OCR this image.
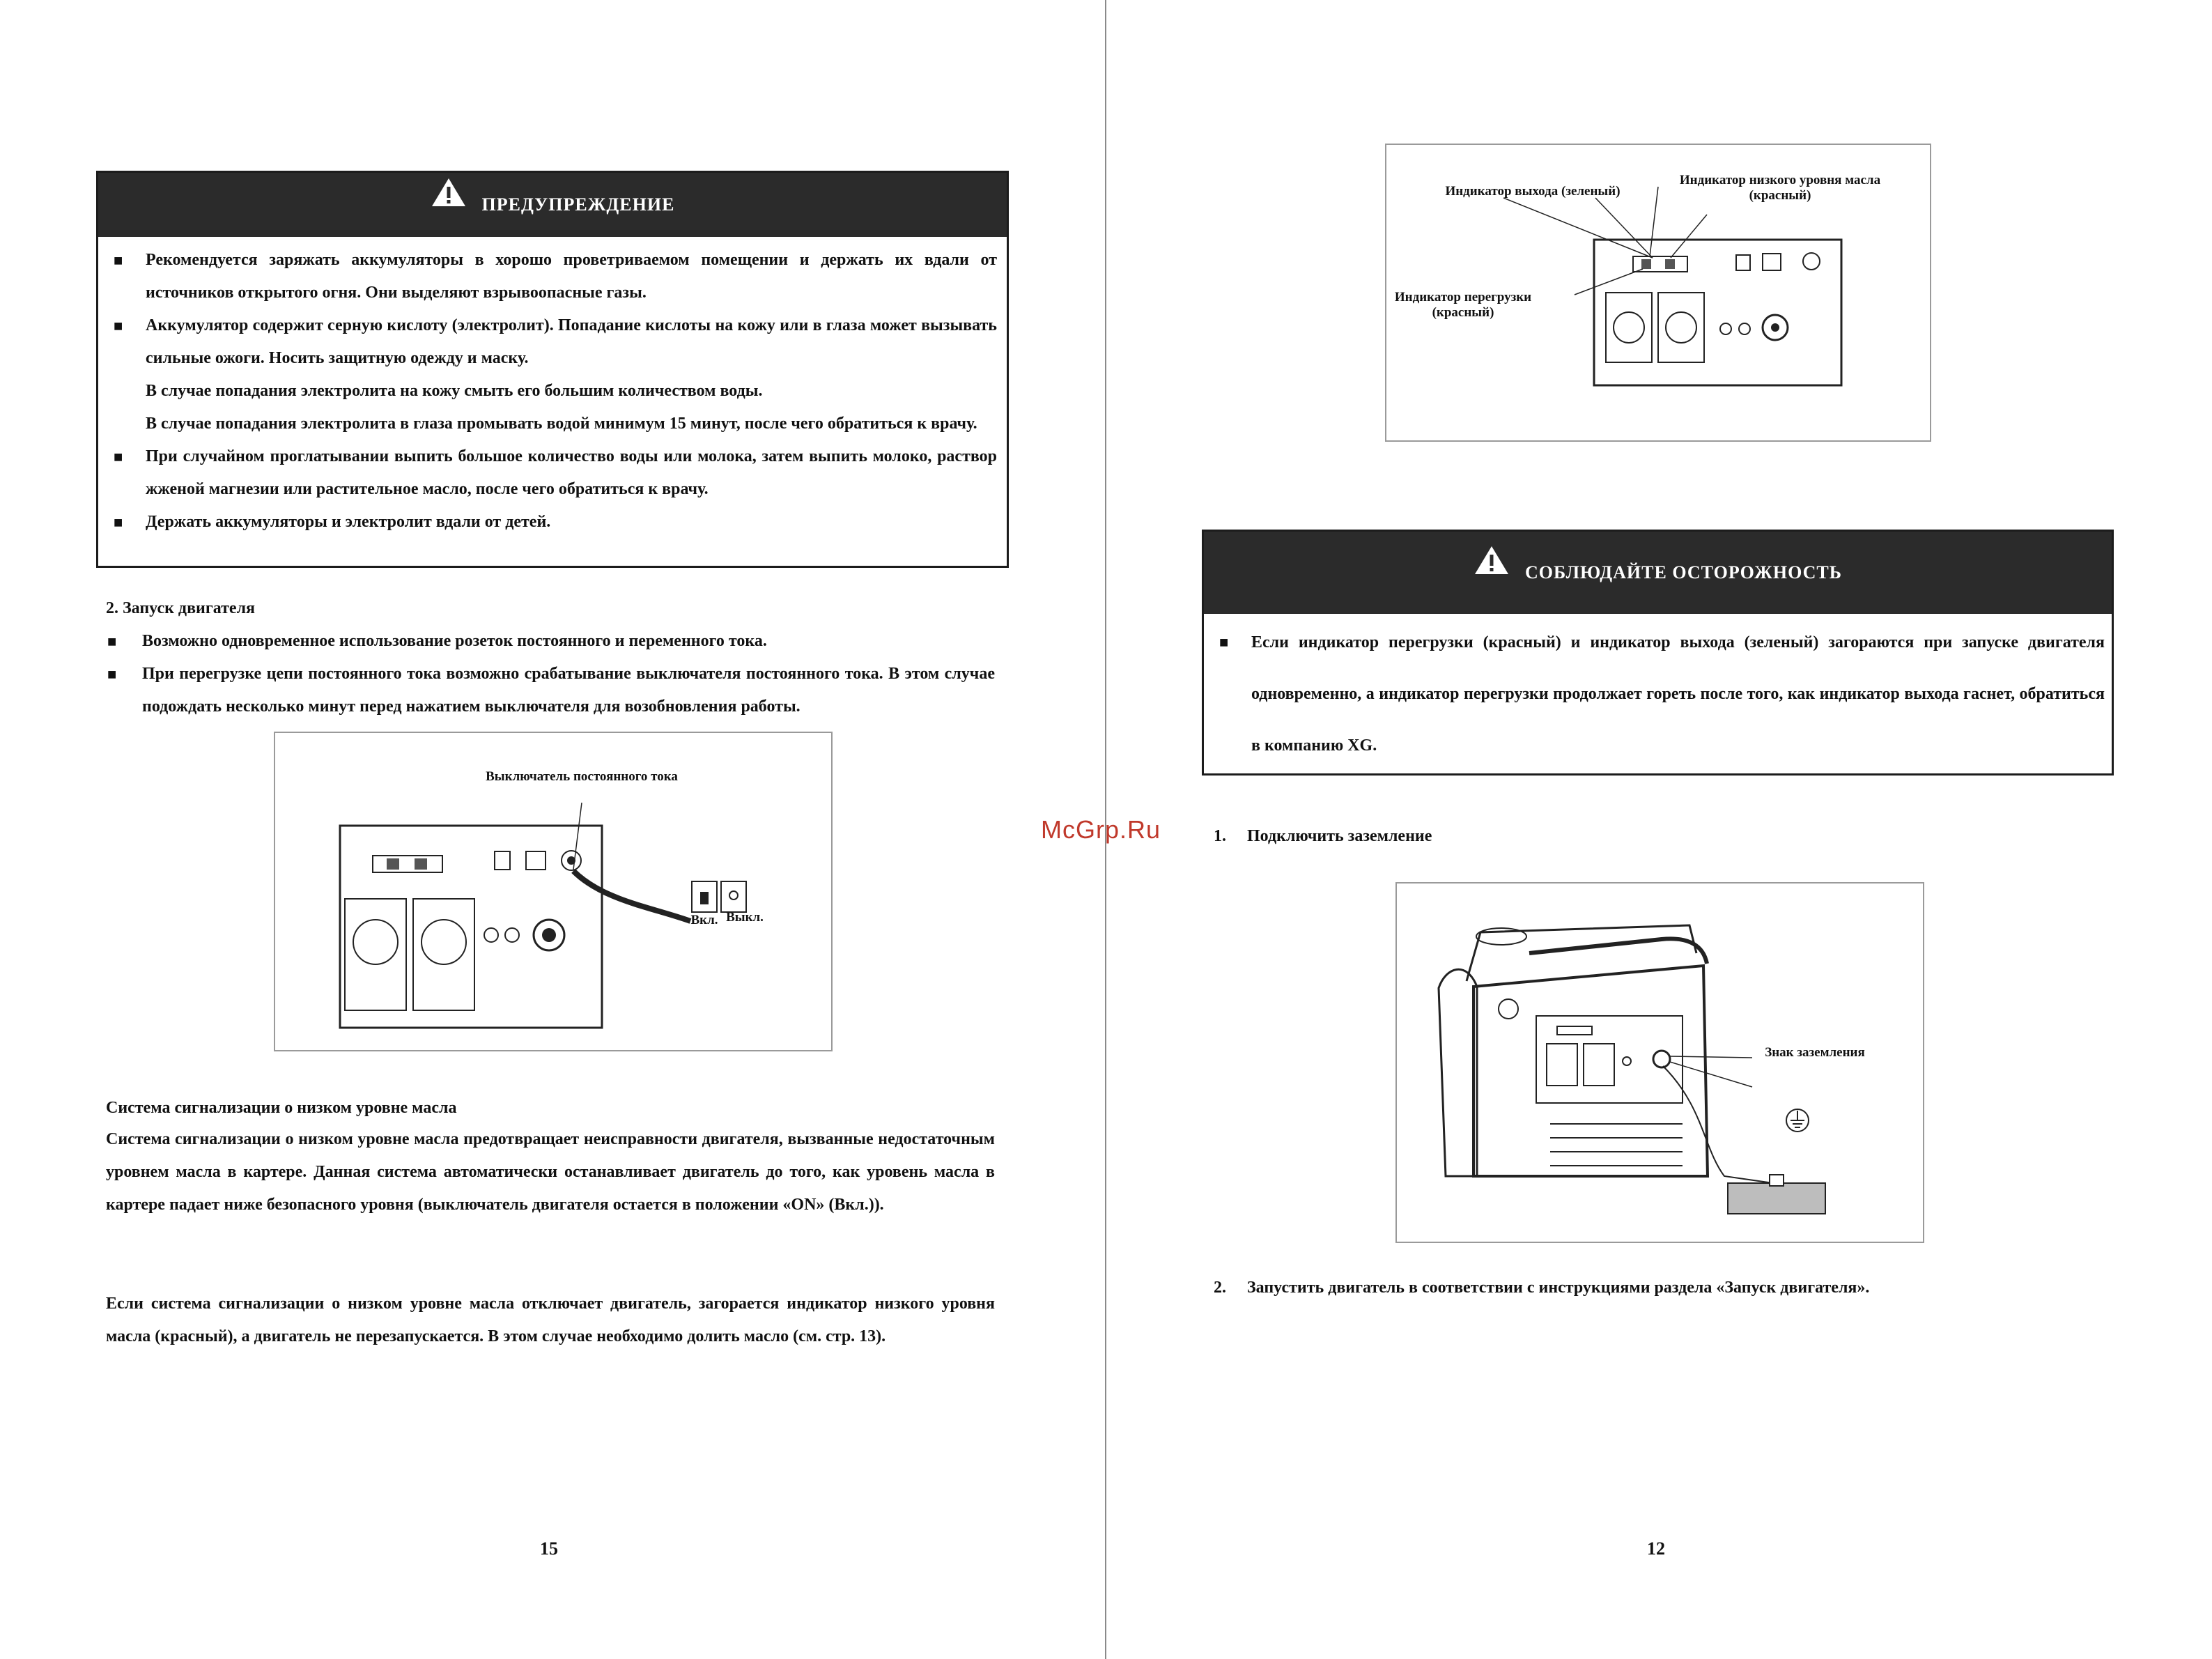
McGrp.Ru
ПРЕДУПРЕЖДЕНИЕ
■ Рекомендуется заряжать аккумуляторы в хорошо проветриваемом помещении и держать их вдали от источников открытого огня. Они выделяют взрывоопасные газы.
■ Аккумулятор содержит серную кислоту (электролит). Попадание кислоты на кожу или в глаза может вызывать сильные ожоги. Носить защитную одежду и маску.
В случае попадания электролита на кожу смыть его большим количеством воды.
В случае попадания электролита в глаза промывать водой минимум 15 минут, после чего обратиться к врачу.
■ При случайном проглатывании выпить большое количество воды или молока, затем выпить молоко, раствор жженой магнезии или растительное масло, после чего обратиться к врачу.
■ Держать аккумуляторы и электролит вдали от детей.
2. Запуск двигателя
■ Возможно одновременное использование розеток постоянного и переменного тока.
■ При перегрузке цепи постоянного тока возможно срабатывание выключателя постоянного тока. В этом случае подождать несколько минут перед нажатием выключателя для возобновления работы.
Выключатель постоянного тока
Вкл. Выкл.
Система сигнализации о низком уровне масла
Система сигнализации о низком уровне масла предотвращает неисправности двигателя, вызванные недостаточным уровнем масла в картере. Данная система автоматически останавливает двигатель до того, как уровень масла в картере падает ниже безопасного уровня (выключатель двигателя остается в положении «ON» (Вкл.)).
Если система сигнализации о низком уровне масла отключает двигатель, загорается индикатор низкого уровня масла (красный), а двигатель не перезапускается. В этом случае необходимо долить масло (см. стр. 13).
15
Индикатор выхода (зеленый)
Индикатор низкого уровня масла (красный)
Индикатор перегрузки (красный)
СОБЛЮДАЙТЕ ОСТОРОЖНОСТЬ
■ Если индикатор перегрузки (красный) и индикатор выхода (зеленый) загораются при запуске двигателя одновременно, а индикатор перегрузки продолжает гореть после того, как индикатор выхода гаснет, обратиться в компанию XG.
1. Подключить заземление
Знак заземления
2. Запустить двигатель в соответствии с инструкциями раздела «Запуск двигателя».
12
